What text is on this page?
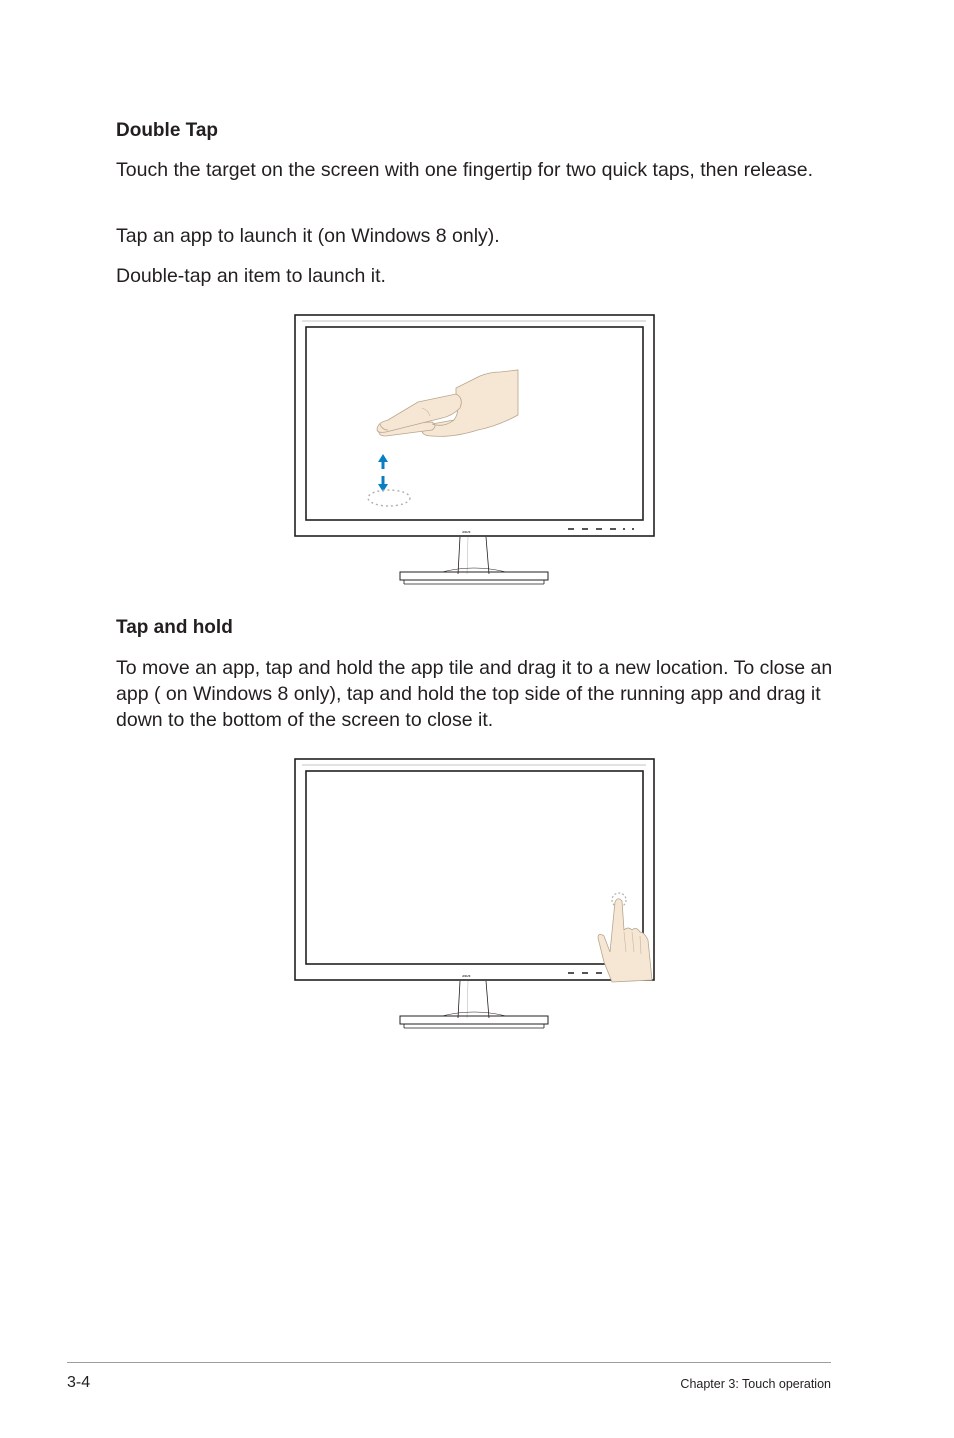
Double Tap

Touch the target on the screen with one fingertip for two quick taps, then release.

Tap an app to launch it (on Windows 8 only).

Double-tap an item to launch it.

ASUS
Tap and hold

To move an app, tap and hold the app tile and drag it to a new location. To close an app ( on Windows 8 only), tap and hold the top side of the running app and drag it down to the bottom of the screen to close it.

ASUS
3-4	Chapter 3: Touch operation
